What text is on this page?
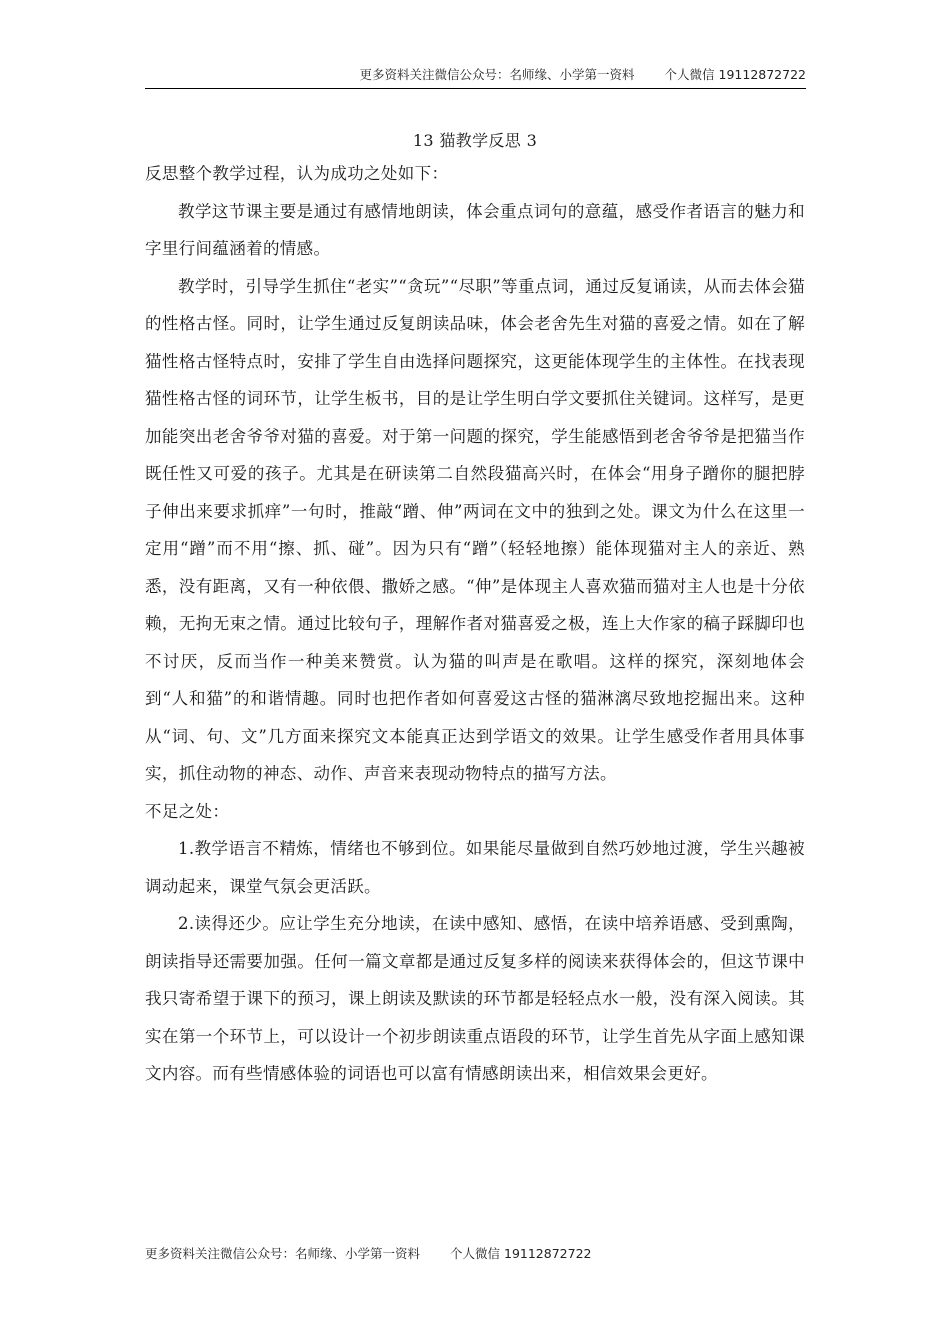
更多资料关注微信公众号：名师缘、小学第一资料 个人微信 19112872722
13 猫教学反思 3

反思整个教学过程，认为成功之处如下：

教学这节课主要是通过有感情地朗读，体会重点词句的意蕴，感受作者语言的魅力和字里行间蕴涵着的情感。

教学时，引导学生抓住“老实”“贪玩”“尽职”等重点词，通过反复诵读，从而去体会猫的性格古怪。同时，让学生通过反复朗读品味，体会老舍先生对猫的喜爱之情。如在了解猫性格古怪特点时，安排了学生自由选择问题探究，这更能体现学生的主体性。在找表现猫性格古怪的词环节，让学生板书，目的是让学生明白学文要抓住关键词。这样写，是更加能突出老舍爷爷对猫的喜爱。对于第一问题的探究，学生能感悟到老舍爷爷是把猫当作既任性又可爱的孩子。尤其是在研读第二自然段猫高兴时，在体会“用身子蹭你的腿把脖子伸出来要求抓痒”一句时，推敲“蹭、伸”两词在文中的独到之处。课文为什么在这里一定用“蹭”而不用“擦、抓、碰”。因为只有“蹭”（轻轻地擦）能体现猫对主人的亲近、熟悉，没有距离，又有一种依偎、撒娇之感。“伸”是体现主人喜欢猫而猫对主人也是十分依赖，无拘无束之情。通过比较句子，理解作者对猫喜爱之极，连上大作家的稿子踩脚印也不讨厌，反而当作一种美来赞赏。认为猫的叫声是在歌唱。这样的探究，深刻地体会到“人和猫”的和谐情趣。同时也把作者如何喜爱这古怪的猫淋漓尽致地挖掘出来。这种从“词、句、文”几方面来探究文本能真正达到学语文的效果。让学生感受作者用具体事实，抓住动物的神态、动作、声音来表现动物特点的描写方法。

不足之处：

1.教学语言不精炼，情绪也不够到位。如果能尽量做到自然巧妙地过渡，学生兴趣被调动起来，课堂气氛会更活跃。

2.读得还少。应让学生充分地读，在读中感知、感悟，在读中培养语感、受到熏陶，朗读指导还需要加强。任何一篇文章都是通过反复多样的阅读来获得体会的，但这节课中我只寄希望于课下的预习，课上朗读及默读的环节都是轻轻点水一般，没有深入阅读。其实在第一个环节上，可以设计一个初步朗读重点语段的环节，让学生首先从字面上感知课文内容。而有些情感体验的词语也可以富有情感朗读出来，相信效果会更好。

更多资料关注微信公众号：名师缘、小学第一资料 个人微信 19112872722
